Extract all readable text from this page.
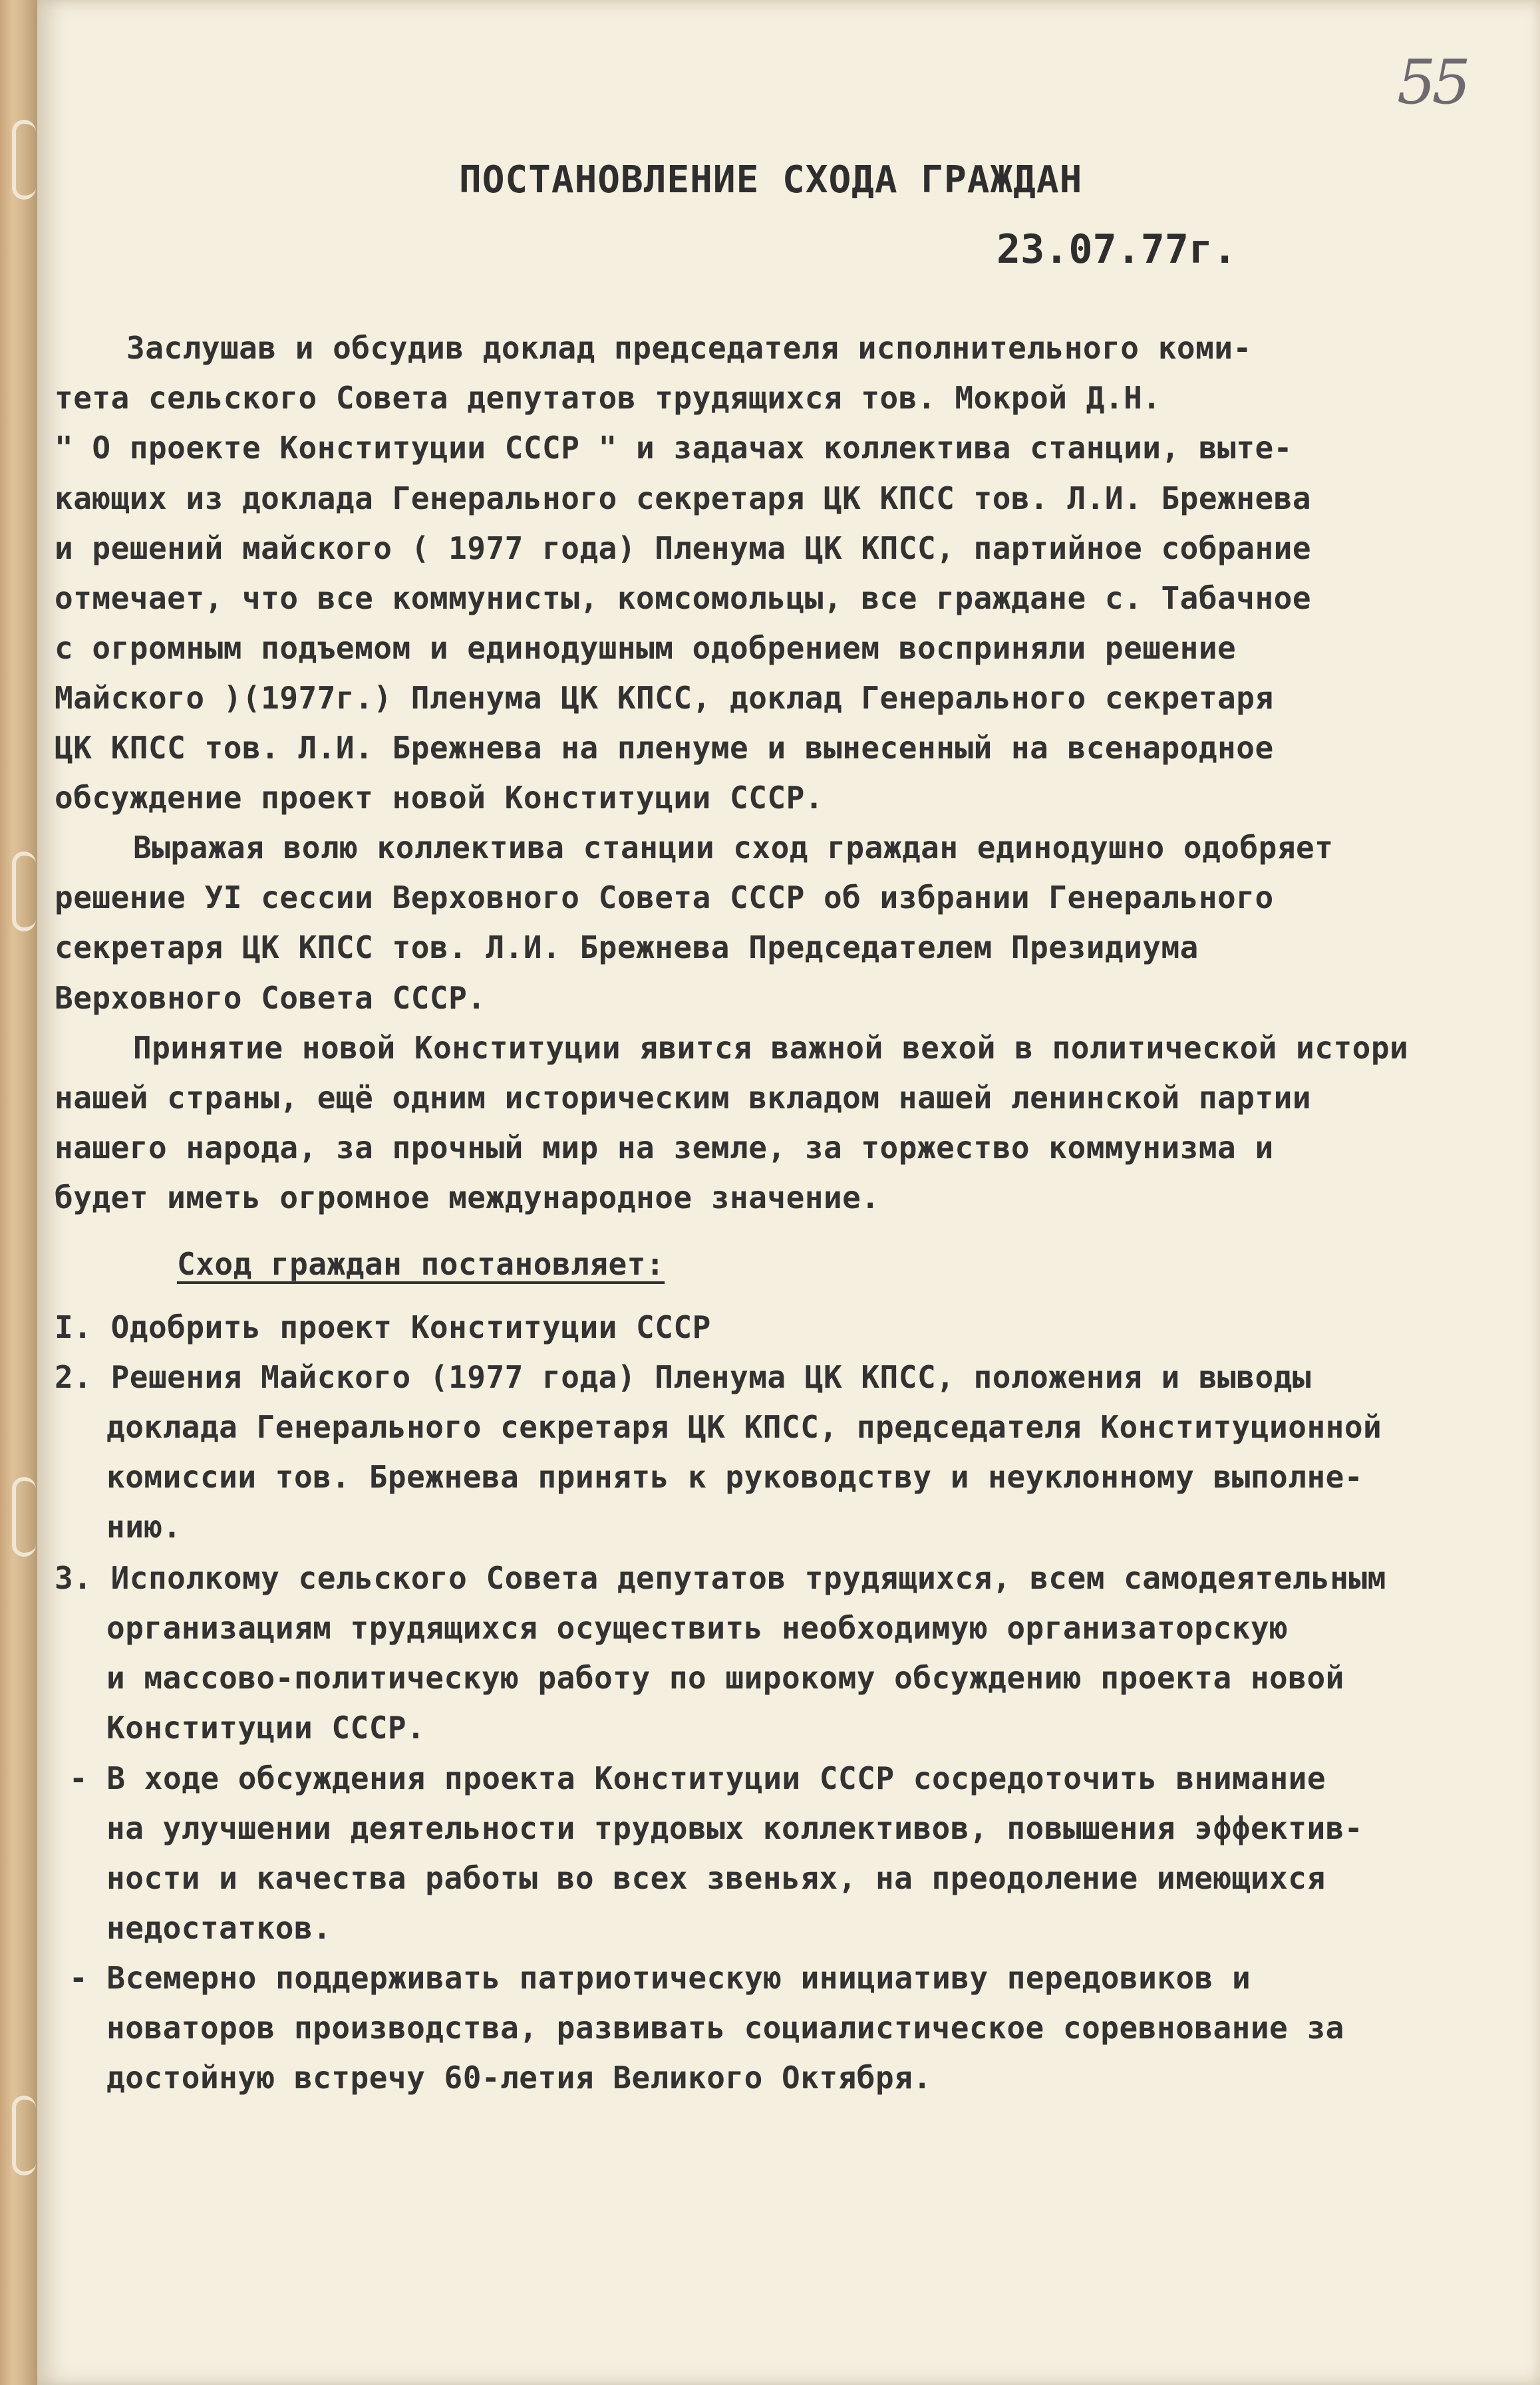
55
ПОСТАНОВЛЕНИЕ СХОДА ГРАЖДАН
23.07.77г.
Заслушав и обсудив доклад председателя исполнительного коми-
тета сельского Совета депутатов трудящихся тов. Мокрой Д.Н.
" О проекте Конституции СССР " и задачах коллектива станции, выте-
кающих из доклада Генерального секретаря ЦК КПСС тов. Л.И. Брежнева
и решений майского ( 1977 года) Пленума ЦК КПСС, партийное собрание
отмечает, что все коммунисты, комсомольцы, все граждане с. Табачное
с огромным подъемом и единодушным одобрением восприняли решение
Майского )(1977г.) Пленума ЦК КПСС, доклад Генерального секретаря
ЦК КПСС тов. Л.И. Брежнева на пленуме и вынесенный на всенародное
обсуждение проект новой Конституции СССР.
Выражая волю коллектива станции сход граждан единодушно одобряет
решение УI сессии Верховного Совета СССР об избрании Генерального
секретаря ЦК КПСС тов. Л.И. Брежнева Председателем Президиума
Верховного Совета СССР.
Принятие новой Конституции явится важной вехой в политической истори
нашей страны, ещё одним историческим вкладом нашей ленинской партии
нашего народа, за прочный мир на земле, за торжество коммунизма и
будет иметь огромное международное значение.
Сход граждан постановляет:
I. Одобрить проект Конституции СССР
2. Решения Майского (1977 года) Пленума ЦК КПСС, положения и выводы
доклада Генерального секретаря ЦК КПСС, председателя Конституционной
комиссии тов. Брежнева принять к руководству и неуклонному выполне-
нию.
3. Исполкому сельского Совета депутатов трудящихся, всем самодеятельным
организациям трудящихся осуществить необходимую организаторскую
и массово-политическую работу по широкому обсуждению проекта новой
Конституции СССР.
- В ходе обсуждения проекта Конституции СССР сосредоточить внимание
на улучшении деятельности трудовых коллективов, повышения эффектив-
ности и качества работы во всех звеньях, на преодоление имеющихся
недостатков.
- Всемерно поддерживать патриотическую инициативу передовиков и
новаторов производства, развивать социалистическое соревнование за
достойную встречу 60-летия Великого Октября.
